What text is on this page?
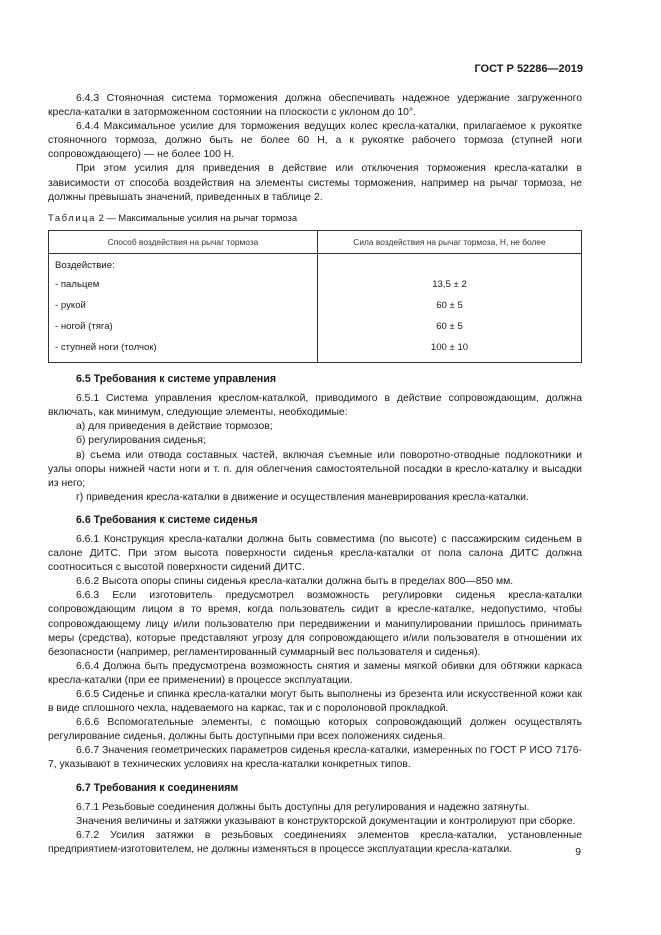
ГОСТ Р 52286—2019

6.4.3 Стояночная система торможения должна обеспечивать надежное удержание загруженного кресла-каталки в заторможенном состоянии на плоскости с уклоном до 10°.

6.4.4 Максимальное усилие для торможения ведущих колес кресла-каталки, прилагаемое к рукоятке стояночного тормоза, должно быть не более 60 Н, а к рукоятке рабочего тормоза (ступней ноги сопровождающего) — не более 100 Н.

При этом усилия для приведения в действие или отключения торможения кресла-каталки в зависимости от способа воздействия на элементы системы торможения, например на рычаг тормоза, не должны превышать значений, приведенных в таблице 2.

Таблица 2 — Максимальные усилия на рычаг тормоза
Способ воздействия на рычаг тормоза	Сила воздействия на рычаг тормоза, Н, не более
Воздействие:	
- пальцем	13,5 ± 2
- рукой	60 ± 5
- ногой (тяга)	60 ± 5
- ступней ноги (толчок)	100 ± 10

6.5 Требования к системе управления

6.5.1 Система управления креслом-каталкой, приводимого в действие сопровождающим, должна включать, как минимум, следующие элементы, необходимые:

а) для приведения в действие тормозов;

б) регулирования сиденья;

в) съема или отвода составных частей, включая съемные или поворотно-отводные подлокотники и узлы опоры нижней части ноги и т. п. для облегчения самостоятельной посадки в кресло-каталку и высадки из него;

г) приведения кресла-каталки в движение и осуществления маневрирования кресла-каталки.

6.6 Требования к системе сиденья

6.6.1 Конструкция кресла-каталки должна быть совместима (по высоте) с пассажирским сиденьем в салоне ДИТС. При этом высота поверхности сиденья кресла-каталки от пола салона ДИТС должна соотноситься с высотой поверхности сидений ДИТС.

6.6.2 Высота опоры спины сиденья кресла-каталки должна быть в пределах 800—850 мм.

6.6.3 Если изготовитель предусмотрел возможность регулировки сиденья кресла-каталки сопровождающим лицом в то время, когда пользователь сидит в кресле-каталке, недопустимо, чтобы сопровождающему лицу и/или пользователю при передвижении и манипулировании пришлось принимать меры (средства), которые представляют угрозу для сопровождающего и/или пользователя в отношении их безопасности (например, регламентированный суммарный вес пользователя и сиденья).

6.6.4 Должна быть предусмотрена возможность снятия и замены мягкой обивки для обтяжки каркаса кресла-каталки (при ее применении) в процессе эксплуатации.

6.6.5 Сиденье и спинка кресла-каталки могут быть выполнены из брезента или искусственной кожи как в виде сплошного чехла, надеваемого на каркас, так и с поролоновой прокладкой.

6.6.6 Вспомогательные элементы, с помощью которых сопровождающий должен осуществлять регулирование сиденья, должны быть доступными при всех положениях сиденья.

6.6.7 Значения геометрических параметров сиденья кресла-каталки, измеренных по ГОСТ Р ИСО 7176-7, указывают в технических условиях на кресла-каталки конкретных типов.

6.7 Требования к соединениям

6.7.1 Резьбовые соединения должны быть доступны для регулирования и надежно затянуты.

Значения величины и затяжки указывают в конструкторской документации и контролируют при сборке.

6.7.2 Усилия затяжки в резьбовых соединениях элементов кресла-каталки, установленные предприятием-изготовителем, не должны изменяться в процессе эксплуатации кресла-каталки.	9
